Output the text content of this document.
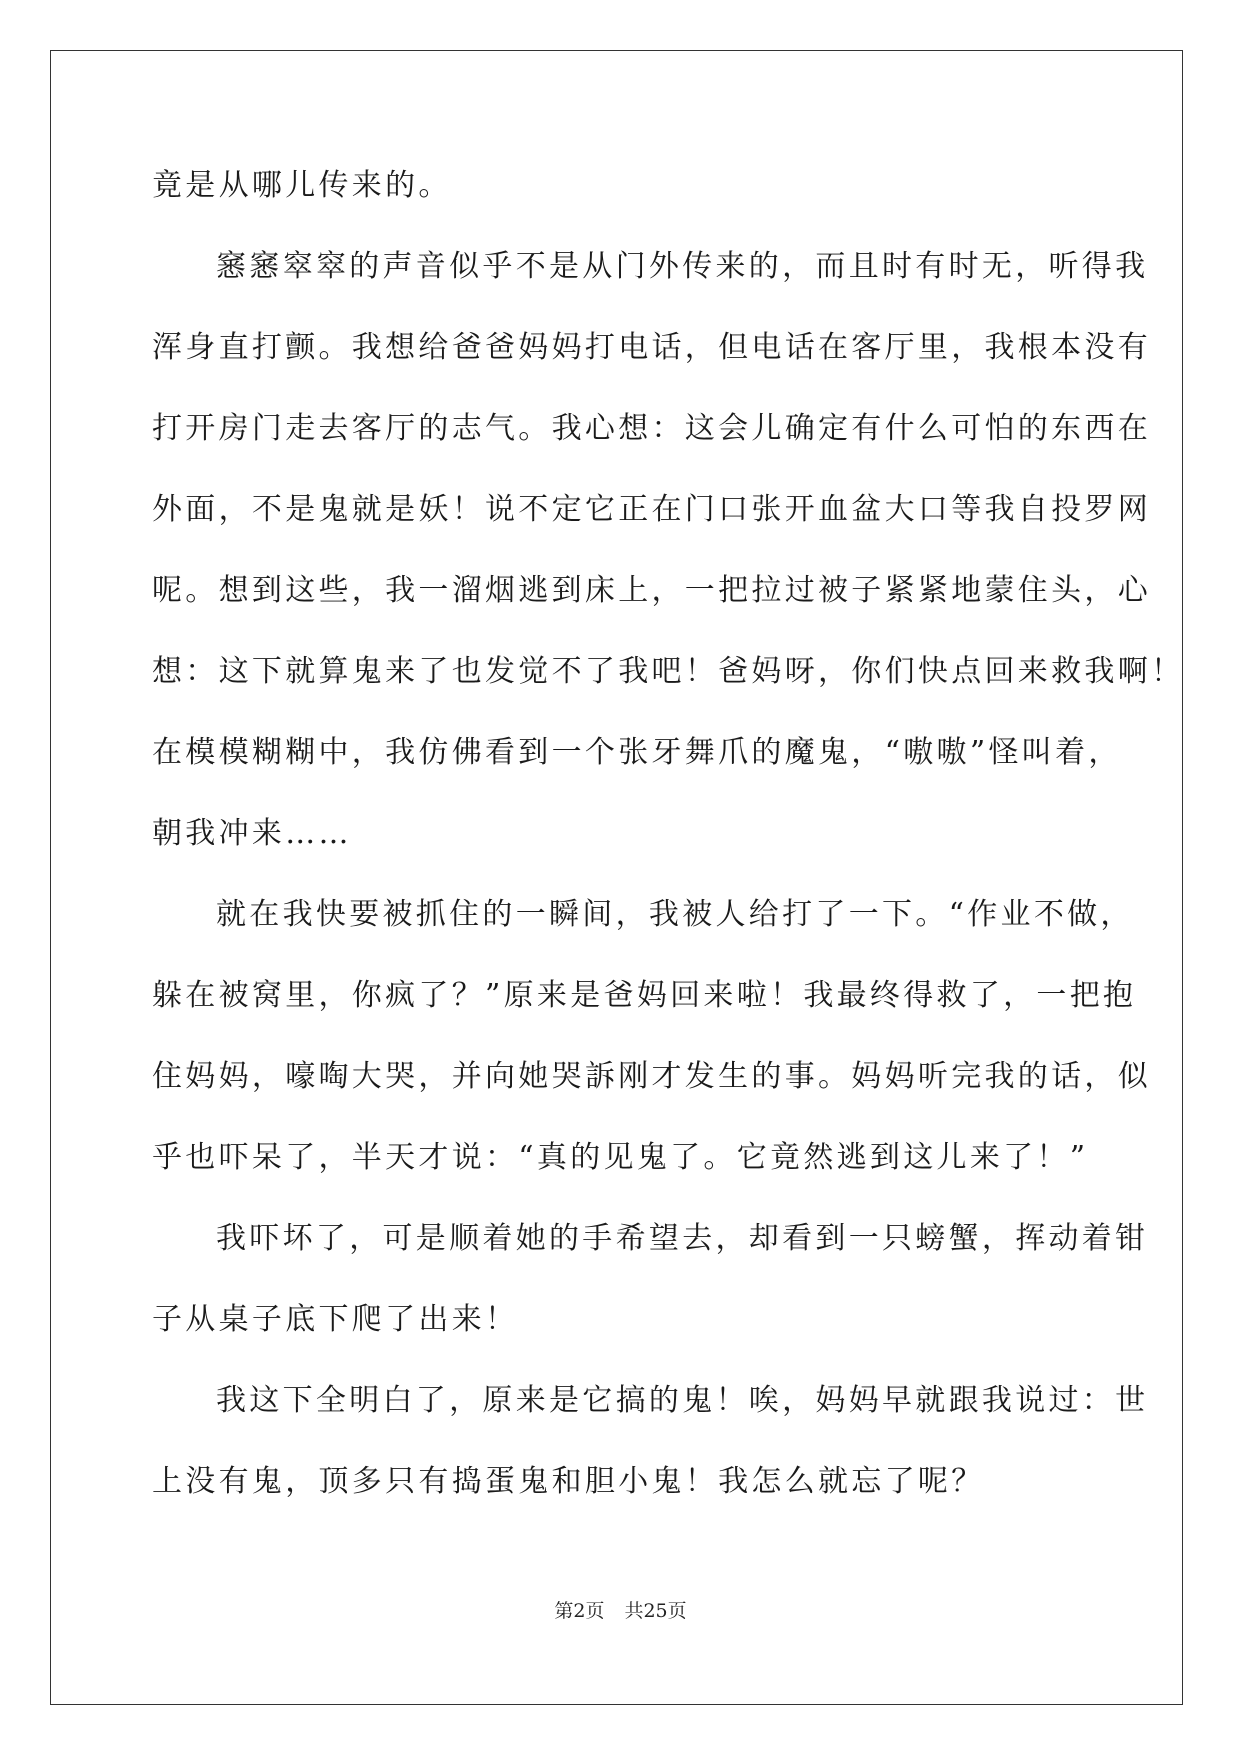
竟是从哪儿传来的。
窸窸窣窣的声音似乎不是从门外传来的，而且时有时无，听得我
浑身直打颤。我想给爸爸妈妈打电话，但电话在客厅里，我根本没有
打开房门走去客厅的志气。我心想：这会儿确定有什么可怕的东西在
外面，不是鬼就是妖！说不定它正在门口张开血盆大口等我自投罗网
呢。想到这些，我一溜烟逃到床上，一把拉过被子紧紧地蒙住头，心
想：这下就算鬼来了也发觉不了我吧！爸妈呀，你们快点回来救我啊！
在模模糊糊中，我仿佛看到一个张牙舞爪的魔鬼，“嗷嗷”怪叫着，
朝我冲来……
就在我快要被抓住的一瞬间，我被人给打了一下。“作业不做，
躲在被窝里，你疯了？”原来是爸妈回来啦！我最终得救了，一把抱
住妈妈，嚎啕大哭，并向她哭訴刚才发生的事。妈妈听完我的话，似
乎也吓呆了，半天才说：“真的见鬼了。它竟然逃到这儿来了！”
我吓坏了，可是顺着她的手希望去，却看到一只螃蟹，挥动着钳
子从桌子底下爬了出来！
我这下全明白了，原来是它搞的鬼！唉，妈妈早就跟我说过：世
上没有鬼，顶多只有捣蛋鬼和胆小鬼！我怎么就忘了呢？
第2页 共25页
